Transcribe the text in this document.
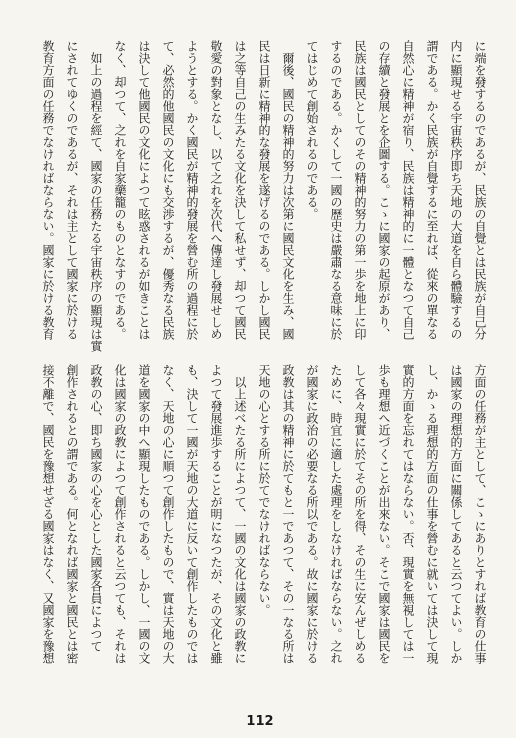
に端を發するのであるが、民族の自覺とは民族が自己分
内に顯現せる宇宙秩序即ち天地の大道を自ら體驗するの
謂である。かく民族が自覺するに至れば、從來の單なる
自然心に精神が宿り、民族は精神的に一體となつて自己
の存續と發展とを企圖する。こゝに國家の起原があり、
民族は國民としてのその精神的努力の第一歩を地上に印
するのである。かくして一國の歷史は嚴肅なる意味に於
てはじめて創始されるのである。
　爾後、國民の精神的努力は次第に國民文化を生み、國
民は日新に精神的な發展を遂げるのである。しかし國民
は之等自己の生みたる文化を決して私せず、却つて國民
敬愛の對象となし、以て之れを次代へ傳達し發展せしめ
ようとする。かく國民が精神的發展を營む所の過程に於
て、必然的他國民の文化にも交渉するが、優秀なる民族
は決して他國民の文化によつて眩惑されるが如きことは
なく、却つて、之れを自家藥籠のものとなすのである。
　如上の過程を經て、國家の任務たる宇宙秩序の顯現は實
にされてゆくのであるが、それは主として國家に於ける
教育方面の任務でなければならない。國家に於ける教育
方面の任務が主として、こゝにありとすれば教育の仕事
は國家の理想的方面に關係してあると云つてよい。しか
し、かゝる理想的方面の仕事を營むに就いては決して現
實的方面を忘れてはならない。否、現實を無視しては一
歩も理想へ近づくことが出來ない。そこで國家は國民を
して各々現實に於てその所を得、その生に安んぜしめる
ために、時宜に適した處理をしなければならない。之れ
が國家に政治の必要なる所以である。故に國家に於ける
政教は其の精神に於てもと一であつて、その一なる所は
天地の心とする所に於てでなければならない。
　以上述べたる所によつて、一國の文化は國家の政教に
よつて發展進歩することが明になつたが、その文化と雖
も、決して一國が天地の大道に反いて創作したものでは
なく、天地の心に順つて創作したもので、實は天地の大
道を國家の中へ顯現したものである。しかし、一國の文
化は國家の政教によつて創作されると云つても、それは
政教の心、即ち國家の心を心とした國家各員によつて
創作されるとの謂である。何となれば國家と國民とは密
接不離で、國民を豫想せざる國家はなく、又國家を豫想
112
